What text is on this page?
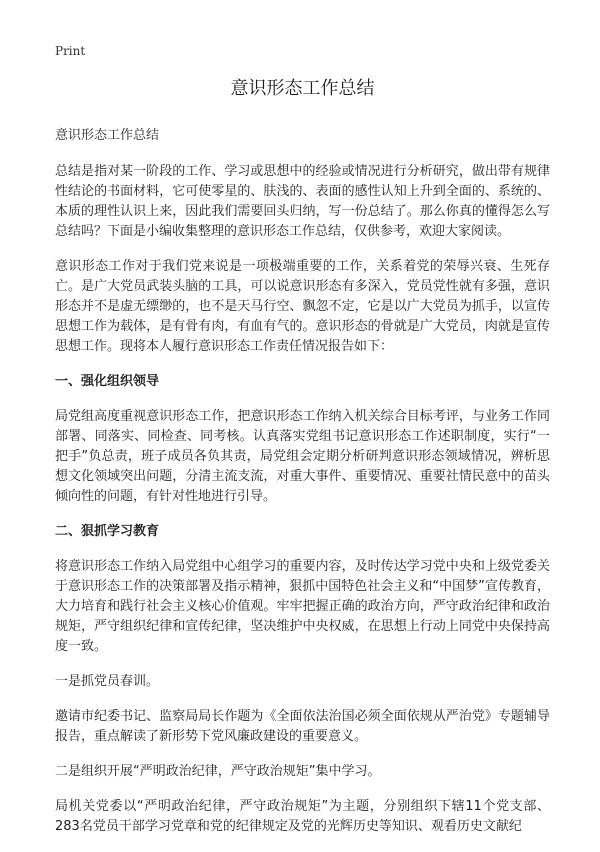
Print
意识形态工作总结

意识形态工作总结

总结是指对某一阶段的工作、学习或思想中的经验或情况进行分析研究，做出带有规律性结论的书面材料，它可使零星的、肤浅的、表面的感性认知上升到全面的、系统的、本质的理性认识上来，因此我们需要回头归纳，写一份总结了。那么你真的懂得怎么写总结吗？下面是小编收集整理的意识形态工作总结，仅供参考，欢迎大家阅读。

意识形态工作对于我们党来说是一项极端重要的工作，关系着党的荣辱兴衰、生死存亡。是广大党员武装头脑的工具，可以说意识形态有多深入，党员党性就有多强，意识形态并不是虚无缥缈的，也不是天马行空、飘忽不定，它是以广大党员为抓手，以宣传思想工作为载体，是有骨有肉，有血有气的。意识形态的骨就是广大党员，肉就是宣传思想工作。现将本人履行意识形态工作责任情况报告如下：

一、强化组织领导

局党组高度重视意识形态工作，把意识形态工作纳入机关综合目标考评，与业务工作同部署、同落实、同检查、同考核。认真落实党组书记意识形态工作述职制度，实行“一把手”负总责，班子成员各负其责，局党组会定期分析研判意识形态领域情况，辨析思想文化领域突出问题，分清主流支流，对重大事件、重要情况、重要社情民意中的苗头倾向性的问题，有针对性地进行引导。

二、狠抓学习教育

将意识形态工作纳入局党组中心组学习的重要内容，及时传达学习党中央和上级党委关于意识形态工作的决策部署及指示精神，狠抓中国特色社会主义和“中国梦”宣传教育，大力培育和践行社会主义核心价值观。牢牢把握正确的政治方向，严守政治纪律和政治规矩，严守组织纪律和宣传纪律，坚决维护中央权威，在思想上行动上同党中央保持高度一致。

一是抓党员春训。

邀请市纪委书记、监察局局长作题为《全面依法治国必须全面依规从严治党》专题辅导报告，重点解读了新形势下党风廉政建设的重要意义。

二是组织开展“严明政治纪律，严守政治规矩”集中学习。

局机关党委以“严明政治纪律，严守政治规矩”为主题，分别组织下辖11个党支部、283名党员干部学习党章和党的纪律规定及党的光辉历史等知识、观看历史文献纪
